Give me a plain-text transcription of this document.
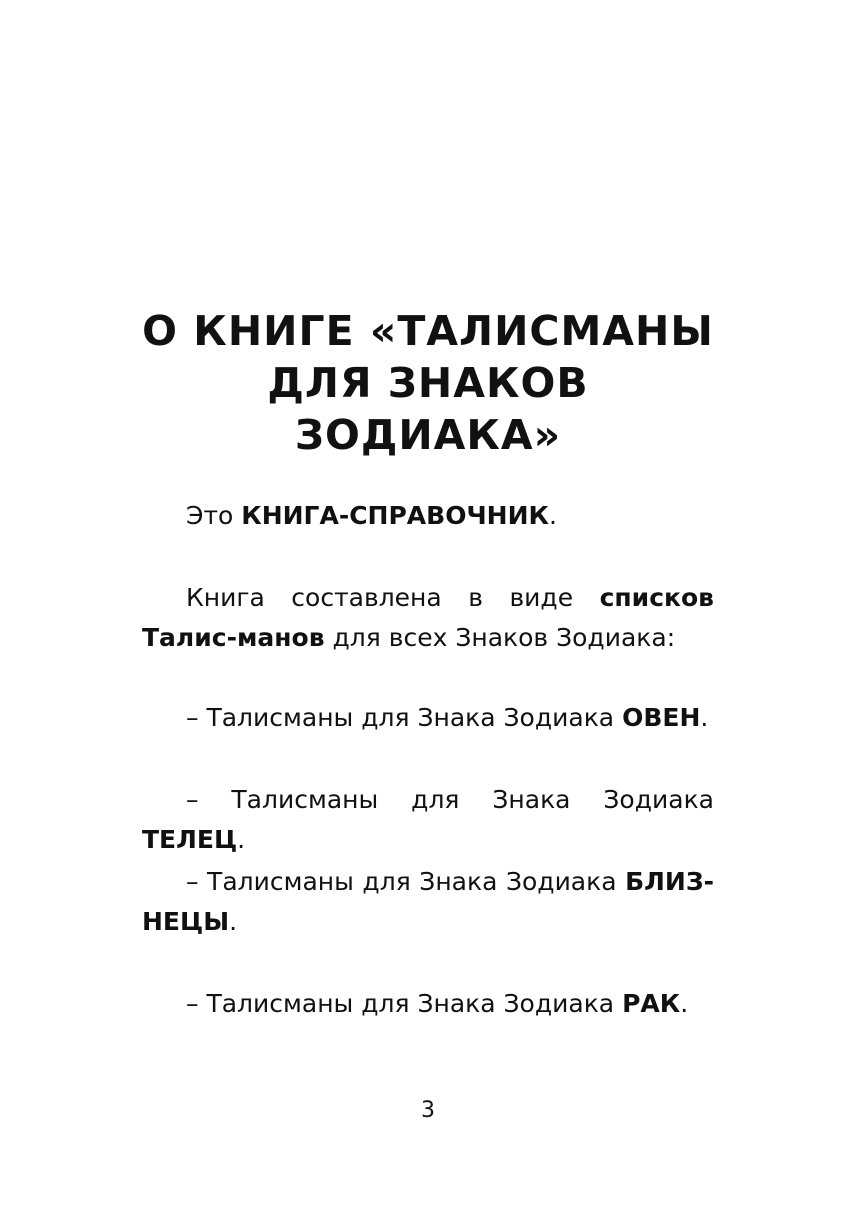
О КНИГЕ «ТАЛИСМАНЫ
ДЛЯ ЗНАКОВ
ЗОДИАКА»

Это КНИГА-СПРАВОЧНИК.

Книга составлена в виде списков Талис-манов для всех Знаков Зодиака:

– Талисманы для Знака Зодиака ОВЕН.

– Талисманы для Знака Зодиака ТЕЛЕЦ.

– Талисманы для Знака Зодиака БЛИЗ-НЕЦЫ.

– Талисманы для Знака Зодиака РАК.

3
